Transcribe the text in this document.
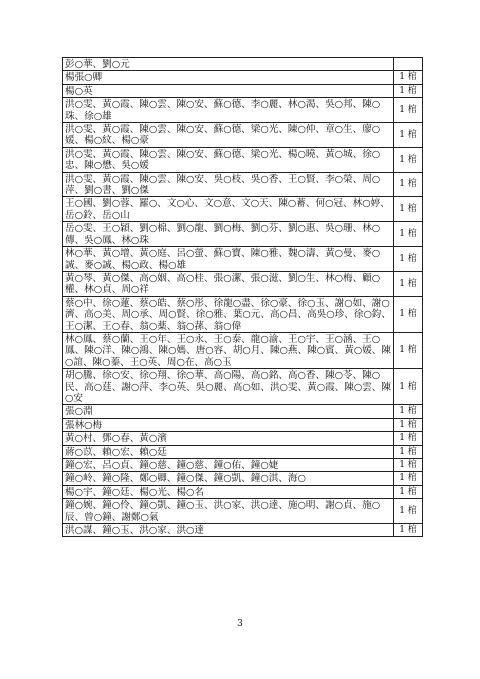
彭○華、劉○元	
楊張○卿	1 棺
楊○英	1 棺
洪○雯、黃○霞、陳○雲、陳○安、蘇○德、李○麗、林○渴、吳○邦、陳○珠、徐○雄	1 棺
洪○雯、黃○霞、陳○雲、陳○安、蘇○德、梁○光、陳○仲、章○生、廖○媛、楊○紋、楊○豪	1 棺
洪○雯、黃○霞、陳○雲、陳○安、蘇○德、梁○光、楊○曉、黃○城、徐○忠、陳○懋、吳○媛	1 棺
洪○雯、黃○霞、陳○雲、陳○安、吳○枝、吳○香、王○賢、李○榮、周○萍、劉○書、劉○傑	1 棺
王○國、劉○蓉、羅○、文○心、文○意、文○天、陳○蓄、何○冠、林○婷、岳○鈴、岳○山	1 棺
岳○雯、王○穎、劉○棉、劉○龍、劉○梅、劉○芬、劉○惠、吳○珊、林○傳、吳○鳳、林○珠	1 棺
林○華、黃○增、黃○庭、呂○螢、蘇○寶、陳○雅、魏○濤、黃○曼、麥○誠、麥○誠、楊○政、楊○雄	1 棺
黃○琴、黃○傑、高○姻、高○桂、張○潔、張○滋、劉○生、林○梅、顧○權、林○貞、周○祥	1 棺
蔡○中、徐○蓮、蔡○皓、蔡○彤、徐龍○盡、徐○豪、徐○玉、謝○如、謝○濟、高○美、周○承、周○賢、徐○雅、葉○元、高○昌、高吳○珍、徐○鈞、王○潔、王○春、翁○薬、翁○蓀、翁○偉	1 棺
林○鳳、蔡○蘭、王○年、王○永、王○泰、龍○渝、王○宇、王○涵、王○鳳、陳○洋、陳○鴻、陳○媽、唐○容、胡○月、陳○燕、陳○賓、黃○媛、陳○誼、陳○蓁、王○英、周○在、高○玉	1 棺
胡○騰、徐○安、徐○翔、徐○華、高○陽、高○銘、高○香、陳○苓、陳○民、高○莛、謝○萍、李○英、吳○麗、高○如、洪○雯、黃○霞、陳○雲、陳○安	1 棺
張○淵	1 棺
張林○梅	1 棺
黃○村、鄧○春、黃○濱	1 棺
蔣○苡、賴○宏、賴○廷	1 棺
鐘○宏、呂○貞、鐘○慈、鐘○慈、鐘○佑、鐘○婕	1 棺
鐘○岭、鐘○隆、鄭○卿、鐘○傑、鐘○凱、鐘○淇、海○	1 棺
楊○宇、鐘○廷、楊○光、楊○名	1 棺
鐘○婉、鐘○伶、鐘○凱、鐘○玉、洪○家、洪○達、施○明、謝○貞、施○辰、曾○鐘、謝鄭○氣	1 棺
洪○謀、鐘○玉、洪○家、洪○達	1 棺
3
